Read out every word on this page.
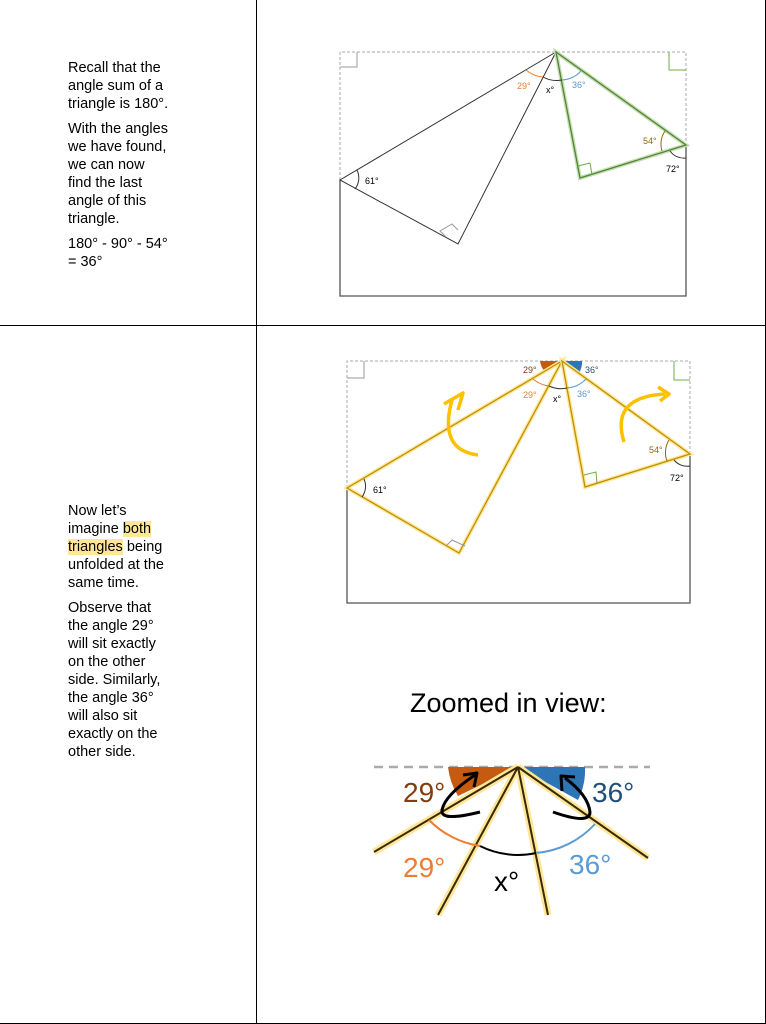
Recall that the
angle sum of a
triangle is 180°.
With the angles
we have found,
we can now
find the last
angle of this
triangle.
180° - 90° - 54°
= 36°
Now let’s
imagine both
triangles being
unfolded at the
same time.
Observe that
the angle 29°
will sit exactly
on the other
side. Similarly,
the angle 36°
will also sit
exactly on the
other side.
Zoomed in view:
29° x° 36°
54°
72°
61°
29°	36°
29° x° 36°
54°
72°
61°
29°	36°
29° x°
36°
